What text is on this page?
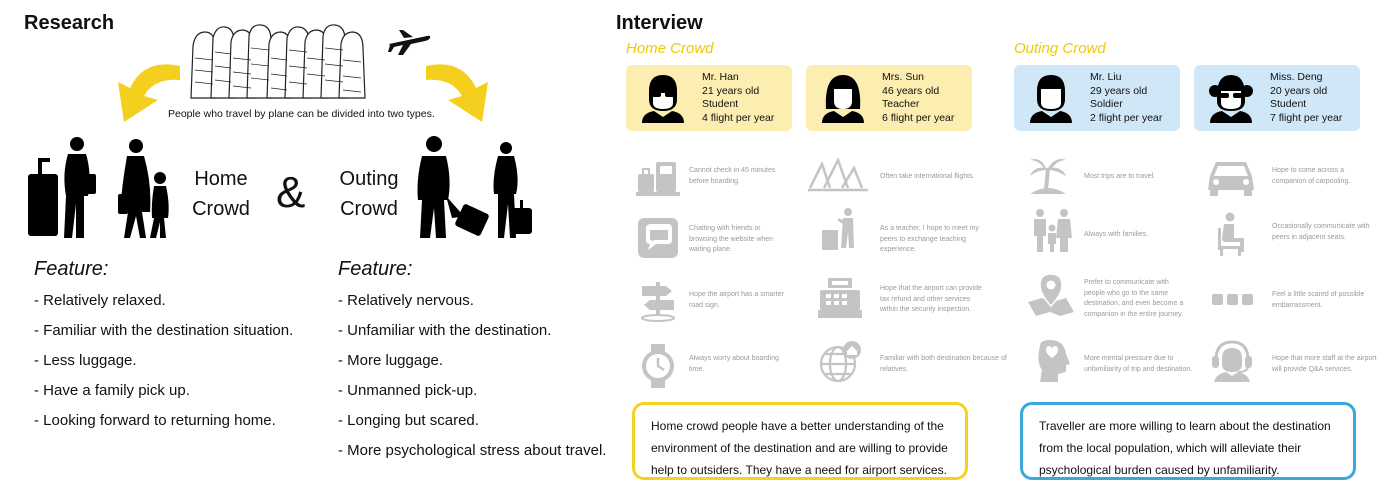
Research
People who travel by plane can be divided into two types.
Home
Crowd & Outing
Crowd
Feature:
- Relatively relaxed.
- Familiar with the destination situation.
- Less luggage.
- Have a family pick up.
- Looking forward to returning home.
Feature:
- Relatively nervous.
- Unfamiliar with the destination.
- More luggage.
- Unmanned pick-up.
- Longing but scared.
- More psychological stress about travel.
Interview
Home Crowd	Outing Crowd
Mr. Han
21 years old
Student
4 flight per year
Mrs. Sun
46 years old
Teacher
6 flight per year
Mr. Liu
29 years old
Soldier
2 flight per year
Miss. Deng
20 years old
Student
7 flight per year
Cannot check in 45 minutes before boarding.
Chatting with friends or browsing the website when waiting plane.
Hope the airport has a smarter road sign.
Always worry about boarding time.
Often take international flights.
As a teacher, I hope to meet my peers to exchange teaching experience.
Hope that the airport can provide tax refund and other services within the security inspection.
Familiar with both destination because of relatives.
Most trips are to travel.
Always with families.
Prefer to communicate with people who go to the same destination, and even become a companion in the entire journey.
More mental pressure due to unfamiliarity of trip and destination.
Hope to come across a companion of carpooling.
Occasionally communicate with peers in adjacent seats.
Feel a little scared of possible embarrassment.
Hope that more staff at the airport will provide Q&A services.
Home crowd people have a better understanding of the environment of the destination and are willing to provide help to outsiders. They have a need for airport services.
Traveller are more willing to learn about the destination from the local population, which will alleviate their psychological burden caused by unfamiliarity.
